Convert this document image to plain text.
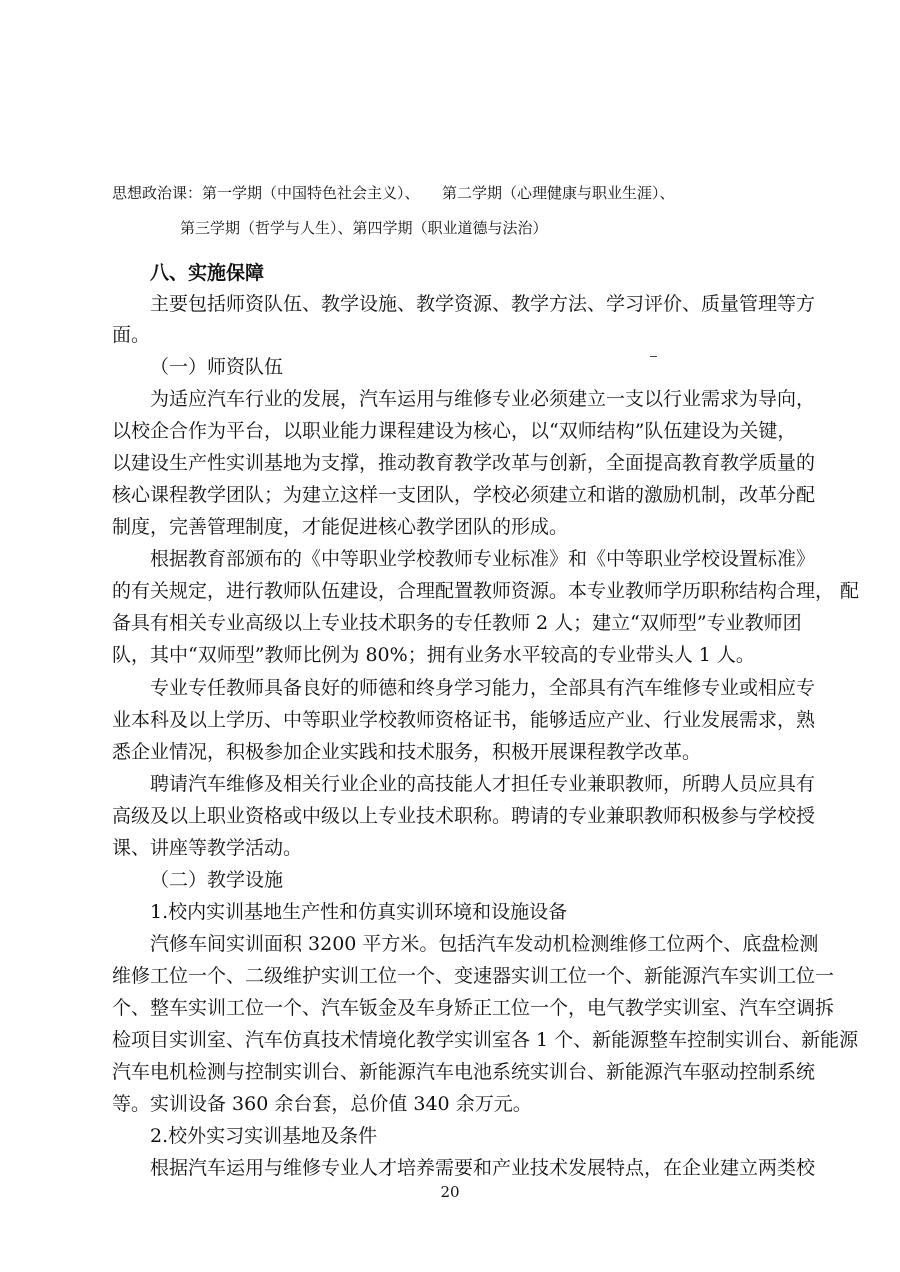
思想政治课：第一学期（中国特色社会主义）、　　第二学期（心理健康与职业生涯）、
第三学期（哲学与人生）、第四学期（职业道德与法治）
八、实施保障
主要包括师资队伍、教学设施、教学资源、教学方法、学习评价、质量管理等方
面。
（一）师资队伍
为适应汽车行业的发展，汽车运用与维修专业必须建立一支以行业需求为导向，
以校企合作为平台，以职业能力课程建设为核心，以“双师结构”队伍建设为关键，
以建设生产性实训基地为支撑，推动教育教学改革与创新，全面提高教育教学质量的
核心课程教学团队；为建立这样一支团队，学校必须建立和谐的激励机制，改革分配
制度，完善管理制度，才能促进核心教学团队的形成。
根据教育部颁布的《中等职业学校教师专业标准》和《中等职业学校设置标准》
的有关规定，进行教师队伍建设，合理配置教师资源。本专业教师学历职称结构合理， 配
备具有相关专业高级以上专业技术职务的专任教师 2 人；建立“双师型”专业教师团
队，其中“双师型”教师比例为 80%；拥有业务水平较高的专业带头人 1 人。
专业专任教师具备良好的师德和终身学习能力，全部具有汽车维修专业或相应专
业本科及以上学历、中等职业学校教师资格证书，能够适应产业、行业发展需求，熟
悉企业情况，积极参加企业实践和技术服务，积极开展课程教学改革。
聘请汽车维修及相关行业企业的高技能人才担任专业兼职教师，所聘人员应具有
高级及以上职业资格或中级以上专业技术职称。聘请的专业兼职教师积极参与学校授
课、讲座等教学活动。
（二）教学设施
1.校内实训基地生产性和仿真实训环境和设施设备
汽修车间实训面积 3200 平方米。包括汽车发动机检测维修工位两个、底盘检测
维修工位一个、二级维护实训工位一个、变速器实训工位一个、新能源汽车实训工位一
个、整车实训工位一个、汽车钣金及车身矫正工位一个，电气教学实训室、汽车空调拆
检项目实训室、汽车仿真技术情境化教学实训室各 1 个、新能源整车控制实训台、新能源
汽车电机检测与控制实训台、新能源汽车电池系统实训台、新能源汽车驱动控制系统
等。实训设备 360 余台套，总价值 340 余万元。
2.校外实习实训基地及条件
根据汽车运用与维修专业人才培养需要和产业技术发展特点，在企业建立两类校
20
